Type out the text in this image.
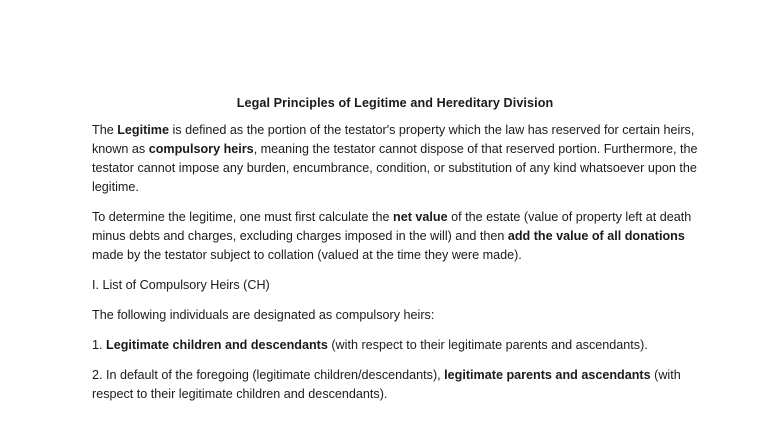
Legal Principles of Legitime and Hereditary Division

The Legitime is defined as the portion of the testator's property which the law has reserved for certain heirs, known as compulsory heirs, meaning the testator cannot dispose of that reserved portion. Furthermore, the testator cannot impose any burden, encumbrance, condition, or substitution of any kind whatsoever upon the legitime.

To determine the legitime, one must first calculate the net value of the estate (value of property left at death minus debts and charges, excluding charges imposed in the will) and then add the value of all donations made by the testator subject to collation (valued at the time they were made).

I. List of Compulsory Heirs (CH)

The following individuals are designated as compulsory heirs:

1. Legitimate children and descendants (with respect to their legitimate parents and ascendants).

2. In default of the foregoing (legitimate children/descendants), legitimate parents and ascendants (with respect to their legitimate children and descendants).
